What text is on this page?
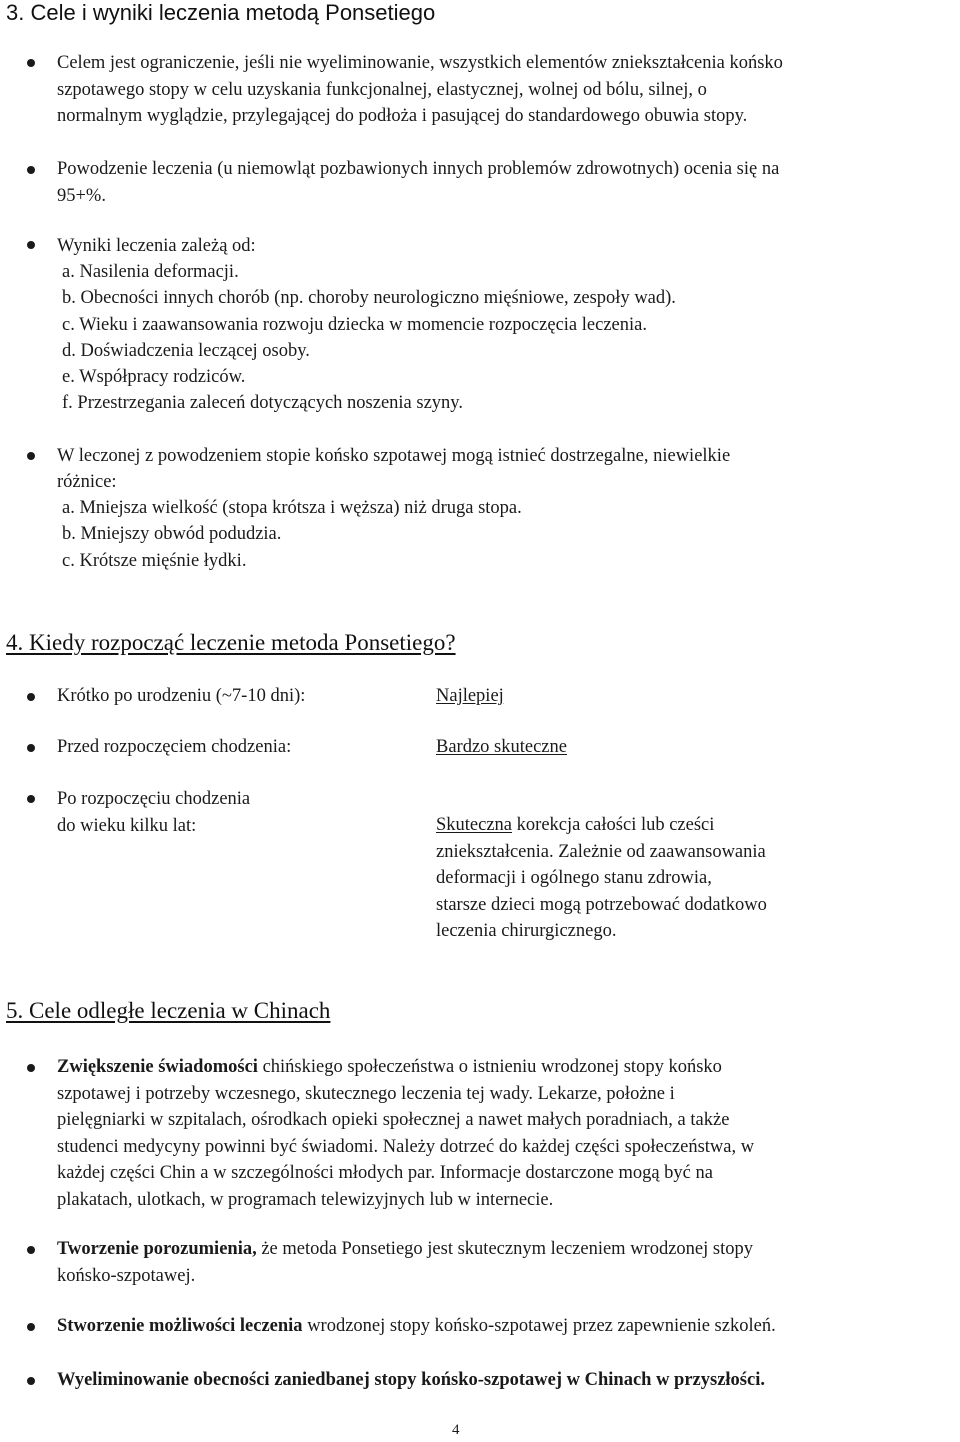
3. Cele i wyniki leczenia metodą Ponsetiego
Celem jest ograniczenie, jeśli nie wyeliminowanie, wszystkich elementów zniekształcenia końsko
szpotawego stopy w celu uzyskania funkcjonalnej, elastycznej, wolnej od bólu, silnej, o
normalnym wyglądzie, przylegającej do podłoża i pasującej do standardowego obuwia stopy.
Powodzenie leczenia (u niemowląt pozbawionych innych problemów zdrowotnych) ocenia się na
95+%.
Wyniki leczenia zależą od:
a. Nasilenia deformacji.
b. Obecności innych chorób (np. choroby neurologiczno mięśniowe, zespoły wad).
c. Wieku i zaawansowania rozwoju dziecka w momencie rozpoczęcia leczenia.
d. Doświadczenia leczącej osoby.
e. Współpracy rodziców.
f. Przestrzegania zaleceń dotyczących noszenia szyny.
W leczonej z powodzeniem stopie końsko szpotawej mogą istnieć dostrzegalne, niewielkie
różnice:
a. Mniejsza wielkość (stopa krótsza i węższa) niż druga stopa.
b. Mniejszy obwód podudzia.
c. Krótsze mięśnie łydki.
4. Kiedy rozpocząć leczenie metoda Ponsetiego?
Krótko po urodzeniu (~7-10 dni):	Najlepiej
Przed rozpoczęciem chodzenia:	Bardzo skuteczne
Po rozpoczęciu chodzenia
do wieku kilku lat:	Skuteczna korekcja całości lub cześci
zniekształcenia. Zależnie od zaawansowania
deformacji i ogólnego stanu zdrowia,
starsze dzieci mogą potrzebować dodatkowo
leczenia chirurgicznego.
5. Cele odległe leczenia w Chinach
Zwiększenie świadomości chińskiego społeczeństwa o istnieniu wrodzonej stopy końsko
szpotawej i potrzeby wczesnego, skutecznego leczenia tej wady. Lekarze, położne i
pielęgniarki w szpitalach, ośrodkach opieki społecznej a nawet małych poradniach, a także
studenci medycyny powinni być świadomi. Należy dotrzeć do każdej części społeczeństwa, w
każdej części Chin a w szczególności młodych par. Informacje dostarczone mogą być na
plakatach, ulotkach, w programach telewizyjnych lub w internecie.
Tworzenie porozumienia, że metoda Ponsetiego jest skutecznym leczeniem wrodzonej stopy
końsko-szpotawej.
Stworzenie możliwości leczenia wrodzonej stopy końsko-szpotawej przez zapewnienie szkoleń.
Wyeliminowanie obecności zaniedbanej stopy końsko-szpotawej w Chinach w przyszłości.
4
